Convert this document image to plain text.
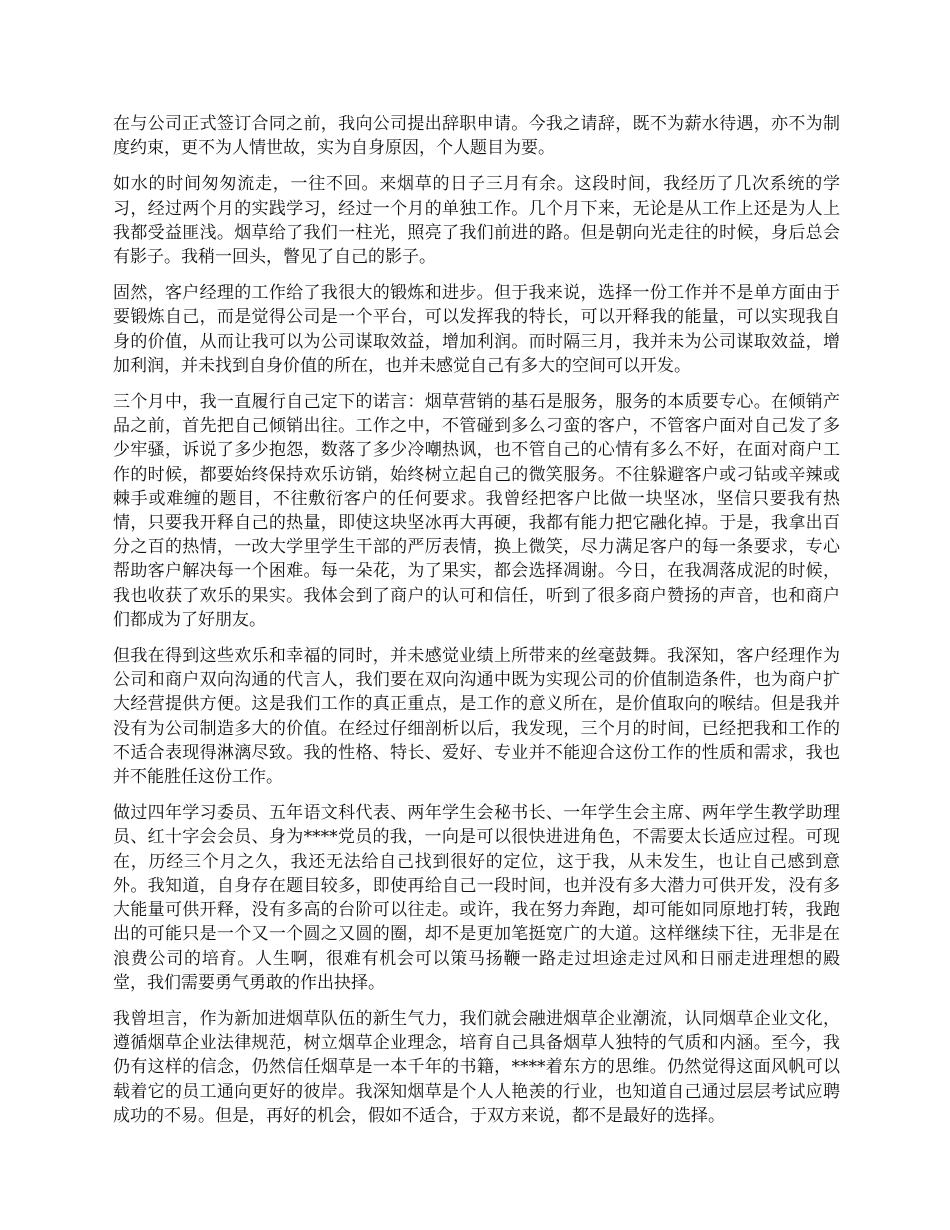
在与公司正式签订合同之前，我向公司提出辞职申请。今我之请辞，既不为薪水待遇，亦不为制度约束，更不为人情世故，实为自身原因，个人题目为要。

如水的时间匆匆流走，一往不回。来烟草的日子三月有余。这段时间，我经历了几次系统的学习，经过两个月的实践学习，经过一个月的单独工作。几个月下来，无论是从工作上还是为人上我都受益匪浅。烟草给了我们一柱光，照亮了我们前进的路。但是朝向光走往的时候，身后总会有影子。我稍一回头，瞥见了自己的影子。

固然，客户经理的工作给了我很大的锻炼和进步。但于我来说，选择一份工作并不是单方面由于要锻炼自己，而是觉得公司是一个平台，可以发挥我的特长，可以开释我的能量，可以实现我自身的价值，从而让我可以为公司谋取效益，增加利润。而时隔三月，我并未为公司谋取效益，增加利润，并未找到自身价值的所在，也并未感觉自己有多大的空间可以开发。

三个月中，我一直履行自己定下的诺言：烟草营销的基石是服务，服务的本质要专心。在倾销产品之前，首先把自己倾销出往。工作之中，不管碰到多么刁蛮的客户，不管客户面对自己发了多少牢骚，诉说了多少抱怨，数落了多少冷嘲热讽，也不管自己的心情有多么不好，在面对商户工作的时候，都要始终保持欢乐访销，始终树立起自己的微笑服务。不往躲避客户或刁钻或辛辣或棘手或难缠的题目，不往敷衍客户的任何要求。我曾经把客户比做一块坚冰，坚信只要我有热情，只要我开释自己的热量，即使这块坚冰再大再硬，我都有能力把它融化掉。于是，我拿出百分之百的热情，一改大学里学生干部的严厉表情，换上微笑，尽力满足客户的每一条要求，专心帮助客户解决每一个困难。每一朵花，为了果实，都会选择凋谢。今日，在我凋落成泥的时候，我也收获了欢乐的果实。我体会到了商户的认可和信任，听到了很多商户赞扬的声音，也和商户们都成为了好朋友。

但我在得到这些欢乐和幸福的同时，并未感觉业绩上所带来的丝毫鼓舞。我深知，客户经理作为公司和商户双向沟通的代言人，我们要在双向沟通中既为实现公司的价值制造条件，也为商户扩大经营提供方便。这是我们工作的真正重点，是工作的意义所在，是价值取向的喉结。但是我并没有为公司制造多大的价值。在经过仔细剖析以后，我发现，三个月的时间，已经把我和工作的不适合表现得淋漓尽致。我的性格、特长、爱好、专业并不能迎合这份工作的性质和需求，我也并不能胜任这份工作。

做过四年学习委员、五年语文科代表、两年学生会秘书长、一年学生会主席、两年学生教学助理员、红十字会会员、身为****党员的我，一向是可以很快进进角色，不需要太长适应过程。可现在，历经三个月之久，我还无法给自己找到很好的定位，这于我，从未发生，也让自己感到意外。我知道，自身存在题目较多，即使再给自己一段时间，也并没有多大潜力可供开发，没有多大能量可供开释，没有多高的台阶可以往走。或许，我在努力奔跑，却可能如同原地打转，我跑出的可能只是一个又一个圆之又圆的圈，却不是更加笔挺宽广的大道。这样继续下往，无非是在浪费公司的培育。人生啊，很难有机会可以策马扬鞭一路走过坦途走过风和日丽走进理想的殿堂，我们需要勇气勇敢的作出抉择。

我曾坦言，作为新加进烟草队伍的新生气力，我们就会融进烟草企业潮流，认同烟草企业文化，遵循烟草企业法律规范，树立烟草企业理念，培育自己具备烟草人独特的气质和内涵。至今，我仍有这样的信念，仍然信任烟草是一本千年的书籍，****着东方的思维。仍然觉得这面风帆可以载着它的员工通向更好的彼岸。我深知烟草是个人人艳羡的行业，也知道自己通过层层考试应聘成功的不易。但是，再好的机会，假如不适合，于双方来说，都不是最好的选择。
